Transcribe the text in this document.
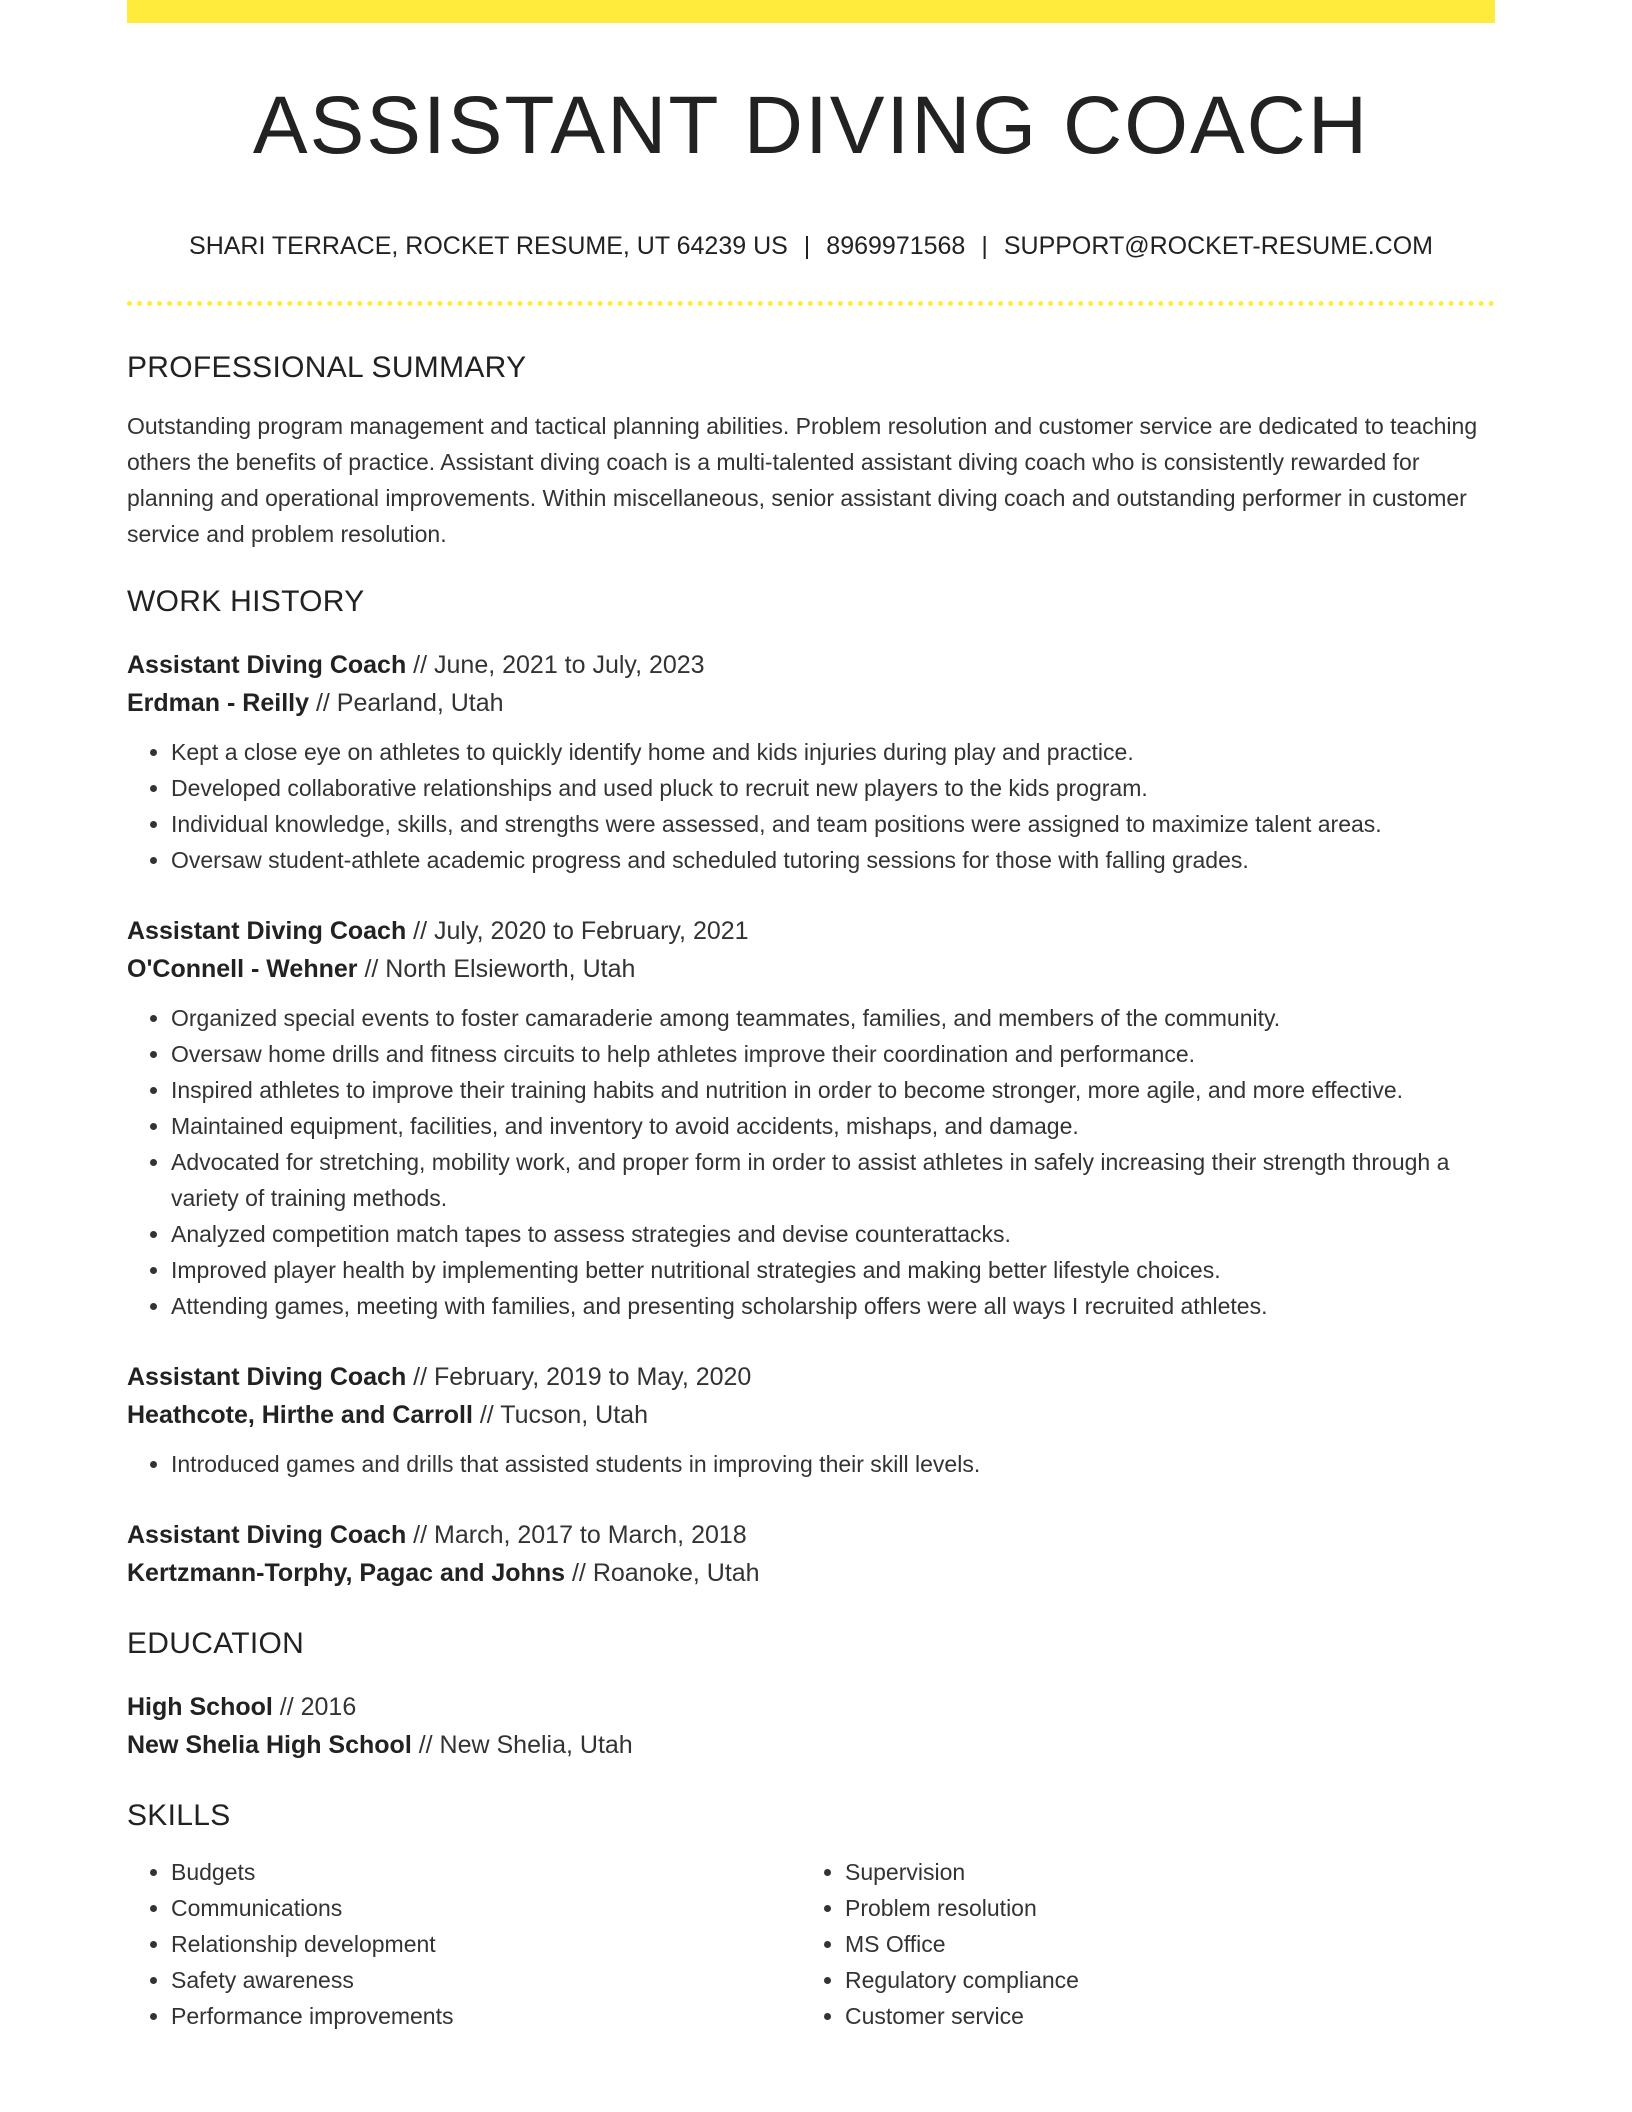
ASSISTANT DIVING COACH
SHARI TERRACE, ROCKET RESUME, UT 64239 US | 8969971568 | SUPPORT@ROCKET-RESUME.COM
PROFESSIONAL SUMMARY
Outstanding program management and tactical planning abilities. Problem resolution and customer service are dedicated to teaching others the benefits of practice. Assistant diving coach is a multi-talented assistant diving coach who is consistently rewarded for planning and operational improvements. Within miscellaneous, senior assistant diving coach and outstanding performer in customer service and problem resolution.
WORK HISTORY
Assistant Diving Coach // June, 2021 to July, 2023
Erdman - Reilly // Pearland, Utah
• Kept a close eye on athletes to quickly identify home and kids injuries during play and practice.
• Developed collaborative relationships and used pluck to recruit new players to the kids program.
• Individual knowledge, skills, and strengths were assessed, and team positions were assigned to maximize talent areas.
• Oversaw student-athlete academic progress and scheduled tutoring sessions for those with falling grades.
Assistant Diving Coach // July, 2020 to February, 2021
O'Connell - Wehner // North Elsieworth, Utah
• Organized special events to foster camaraderie among teammates, families, and members of the community.
• Oversaw home drills and fitness circuits to help athletes improve their coordination and performance.
• Inspired athletes to improve their training habits and nutrition in order to become stronger, more agile, and more effective.
• Maintained equipment, facilities, and inventory to avoid accidents, mishaps, and damage.
• Advocated for stretching, mobility work, and proper form in order to assist athletes in safely increasing their strength through a variety of training methods.
• Analyzed competition match tapes to assess strategies and devise counterattacks.
• Improved player health by implementing better nutritional strategies and making better lifestyle choices.
• Attending games, meeting with families, and presenting scholarship offers were all ways I recruited athletes.
Assistant Diving Coach // February, 2019 to May, 2020
Heathcote, Hirthe and Carroll // Tucson, Utah
• Introduced games and drills that assisted students in improving their skill levels.
Assistant Diving Coach // March, 2017 to March, 2018
Kertzmann-Torphy, Pagac and Johns // Roanoke, Utah
EDUCATION
High School // 2016
New Shelia High School // New Shelia, Utah
SKILLS
• Budgets
• Communications
• Relationship development
• Safety awareness
• Performance improvements
• Supervision
• Problem resolution
• MS Office
• Regulatory compliance
• Customer service
